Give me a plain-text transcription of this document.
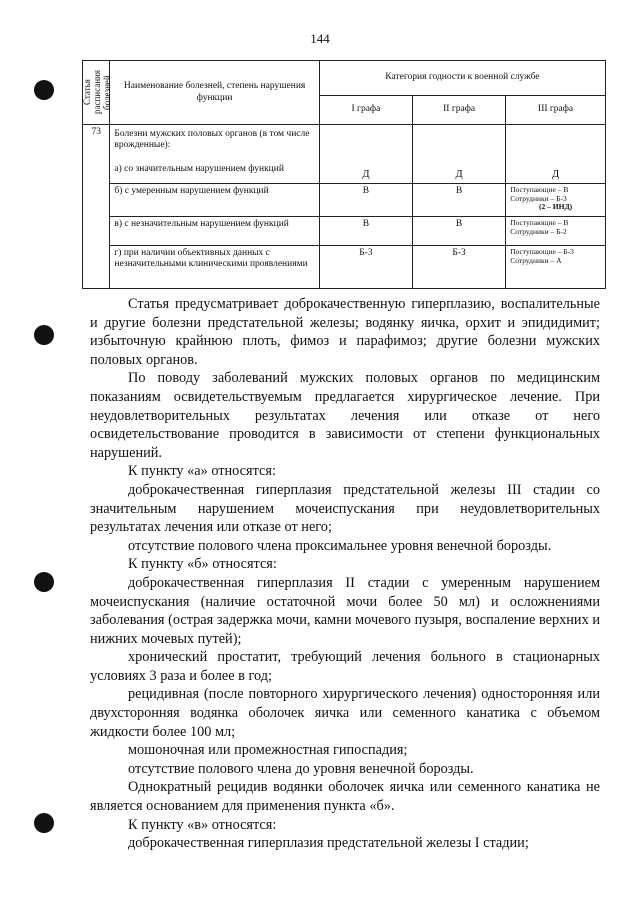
144
Статья расписания болезней	Наименование болезней, степень нарушения функции	Категория годности к военной службе		
		I графа	II графа	III графа
73	Болезни мужских половых органов (в том числе врожденные):
а) со значительным нарушением функций	Д	Д	Д
	б) с умеренным нарушением функций	В	В	Поступающие – В
Сотрудники – Б-3
(2 – ИНД)

	в) с незначительным нарушением функций	В	В	Поступающие – В
Сотрудники – Б-2

	г) при наличии объективных данных с незначительными клиническими проявлениями	Б-3	Б-3	Поступающие – Б-3
Сотрудники – А

Статья предусматривает доброкачественную гиперплазию, воспалительные и другие болезни предстательной железы; водянку яичка, орхит и эпидидимит; избыточную крайнюю плоть, фимоз и парафимоз; другие болезни мужских половых органов.

По поводу заболеваний мужских половых органов по медицинским показаниям освидетельствуемым предлагается хирургическое лечение. При неудовлетворительных результатах лечения или отказе от него освидетельствование проводится в зависимости от степени функциональных нарушений.

К пункту «а» относятся:

доброкачественная гиперплазия предстательной железы III стадии со значительным нарушением мочеиспускания при неудовлетворительных результатах лечения или отказе от него;

отсутствие полового члена проксимальнее уровня венечной борозды.

К пункту «б» относятся:

доброкачественная гиперплазия II стадии с умеренным нарушением мочеиспускания (наличие остаточной мочи более 50 мл) и осложнениями заболевания (острая задержка мочи, камни мочевого пузыря, воспаление верхних и нижних мочевых путей);

хронический простатит, требующий лечения больного в стационарных условиях 3 раза и более в год;

рецидивная (после повторного хирургического лечения) односторонняя или двухсторонняя водянка оболочек яичка или семенного канатика с объемом жидкости более 100 мл;

мошоночная или промежностная гипоспадия;

отсутствие полового члена до уровня венечной борозды.

Однократный рецидив водянки оболочек яичка или семенного канатика не является основанием для применения пункта «б».

К пункту «в» относятся:

доброкачественная гиперплазия предстательной железы I стадии;
